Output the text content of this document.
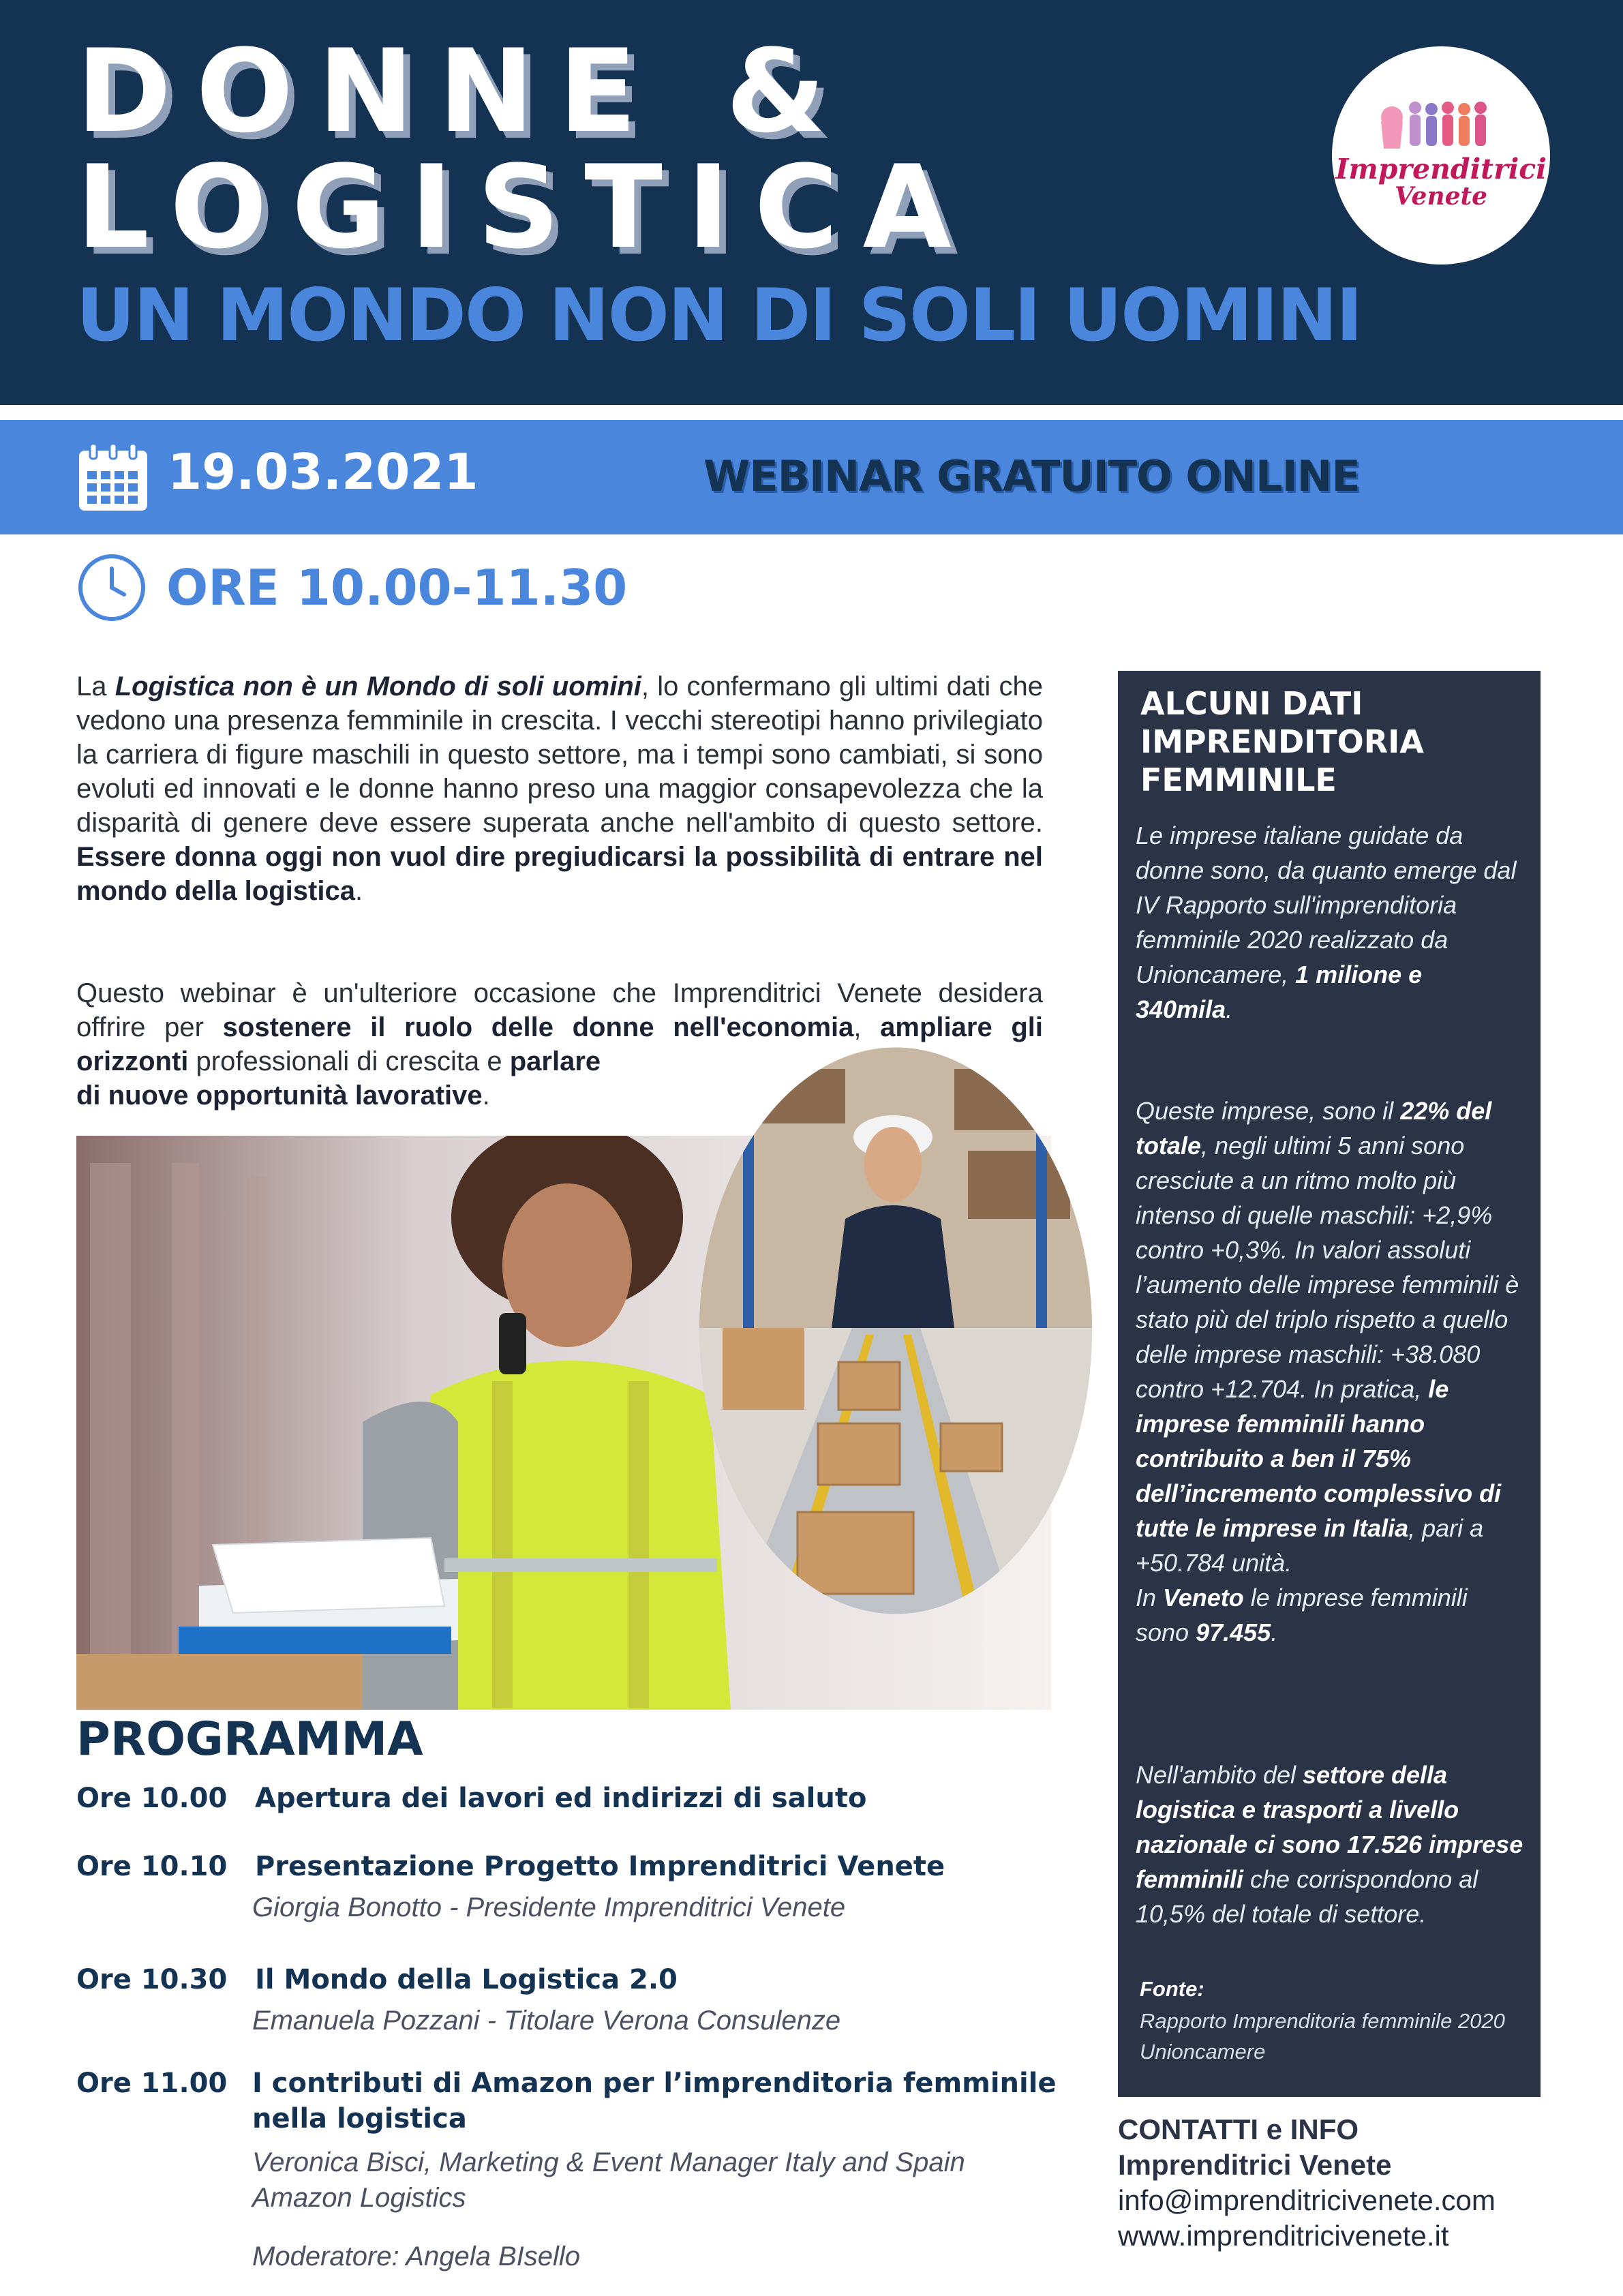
DONNE &
LOGISTICA
UN MONDO NON DI SOLI UOMINI
Imprenditrici
Venete
19.03.2021	WEBINAR GRATUITO ONLINE
ORE 10.00-11.30
La Logistica non è un Mondo di soli uomini, lo confermano gli ultimi dati che vedono una presenza femminile in crescita. I vecchi stereotipi hanno privilegiato la carriera di figure maschili in questo settore, ma i tempi sono cambiati, si sono evoluti ed innovati e le donne hanno preso una maggior consapevolezza che la disparità di genere deve essere superata anche nell'ambito di questo settore. Essere donna oggi non vuol dire pregiudicarsi la possibilità di entrare nel mondo della logistica.
Questo webinar è un'ulteriore occasione che Imprenditrici Venete desidera offrire per sostenere il ruolo delle donne nell'economia, ampliare gli orizzonti professionali di crescita e parlare
di nuove opportunità lavorative.
ALCUNI DATI IMPRENDITORIA FEMMINILE
Le imprese italiane guidate da donne sono, da quanto emerge dal IV Rapporto sull'imprenditoria femminile 2020 realizzato da Unioncamere, 1 milione e 340mila.
Queste imprese, sono il 22% del totale, negli ultimi 5 anni sono cresciute a un ritmo molto più intenso di quelle maschili: +2,9% contro +0,3%. In valori assoluti l’aumento delle imprese femminili è stato più del triplo rispetto a quello delle imprese maschili: +38.080 contro +12.704. In pratica, le imprese femminili hanno contribuito a ben il 75% dell’incremento complessivo di tutte le imprese in Italia, pari a +50.784 unità.
In Veneto le imprese femminili sono 97.455.
Nell'ambito del settore della logistica e trasporti a livello nazionale ci sono 17.526 imprese femminili che corrispondono al 10,5% del totale di settore.
Fonte:
Rapporto Imprenditoria femminile 2020 Unioncamere
CONTATTI e INFO
Imprenditrici Venete
info@imprenditricivenete.com
www.imprenditricivenete.it
PROGRAMMA
Ore 10.00 Apertura dei lavori ed indirizzi di saluto
Ore 10.10 Presentazione Progetto Imprenditrici Venete
Giorgia Bonotto - Presidente Imprenditrici Venete
Ore 10.30 Il Mondo della Logistica 2.0
Emanuela Pozzani - Titolare Verona Consulenze
Ore 11.00 I contributi di Amazon per l’imprenditoria femminile
nella logistica
Veronica Bisci, Marketing & Event Manager Italy and Spain
Amazon Logistics
Moderatore: Angela BIsello
